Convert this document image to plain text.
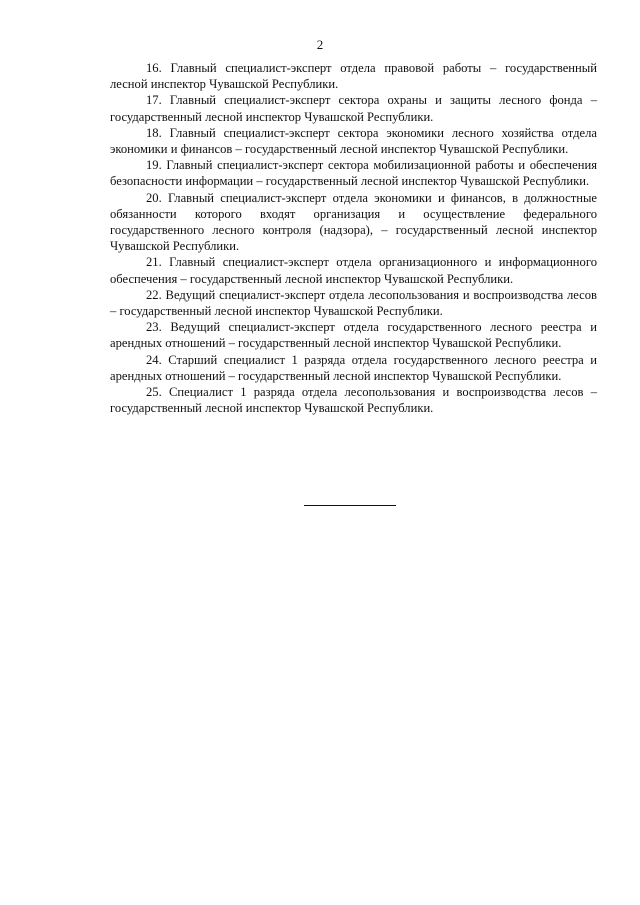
2

16. Главный специалист-эксперт отдела правовой работы – государственный лесной инспектор Чувашской Республики.

17. Главный специалист-эксперт сектора охраны и защиты лесного фонда – государственный лесной инспектор Чувашской Республики.

18. Главный специалист-эксперт сектора экономики лесного хозяйства отдела экономики и финансов – государственный лесной инспектор Чувашской Республики.

19. Главный специалист-эксперт сектора мобилизационной работы и обеспечения безопасности информации – государственный лесной инспектор Чувашской Республики.

20. Главный специалист-эксперт отдела экономики и финансов, в должностные обязанности которого входят организация и осуществление федерального государственного лесного контроля (надзора), – государственный лесной инспектор Чувашской Республики.

21. Главный специалист-эксперт отдела организационного и информационного обеспечения – государственный лесной инспектор Чувашской Республики.

22. Ведущий специалист-эксперт отдела лесопользования и воспроизводства лесов – государственный лесной инспектор Чувашской Республики.

23. Ведущий специалист-эксперт отдела государственного лесного реестра и арендных отношений – государственный лесной инспектор Чувашской Республики.

24. Старший специалист 1 разряда отдела государственного лесного реестра и арендных отношений – государственный лесной инспектор Чувашской Республики.

25. Специалист 1 разряда отдела лесопользования и воспроизводства лесов – государственный лесной инспектор Чувашской Республики.
